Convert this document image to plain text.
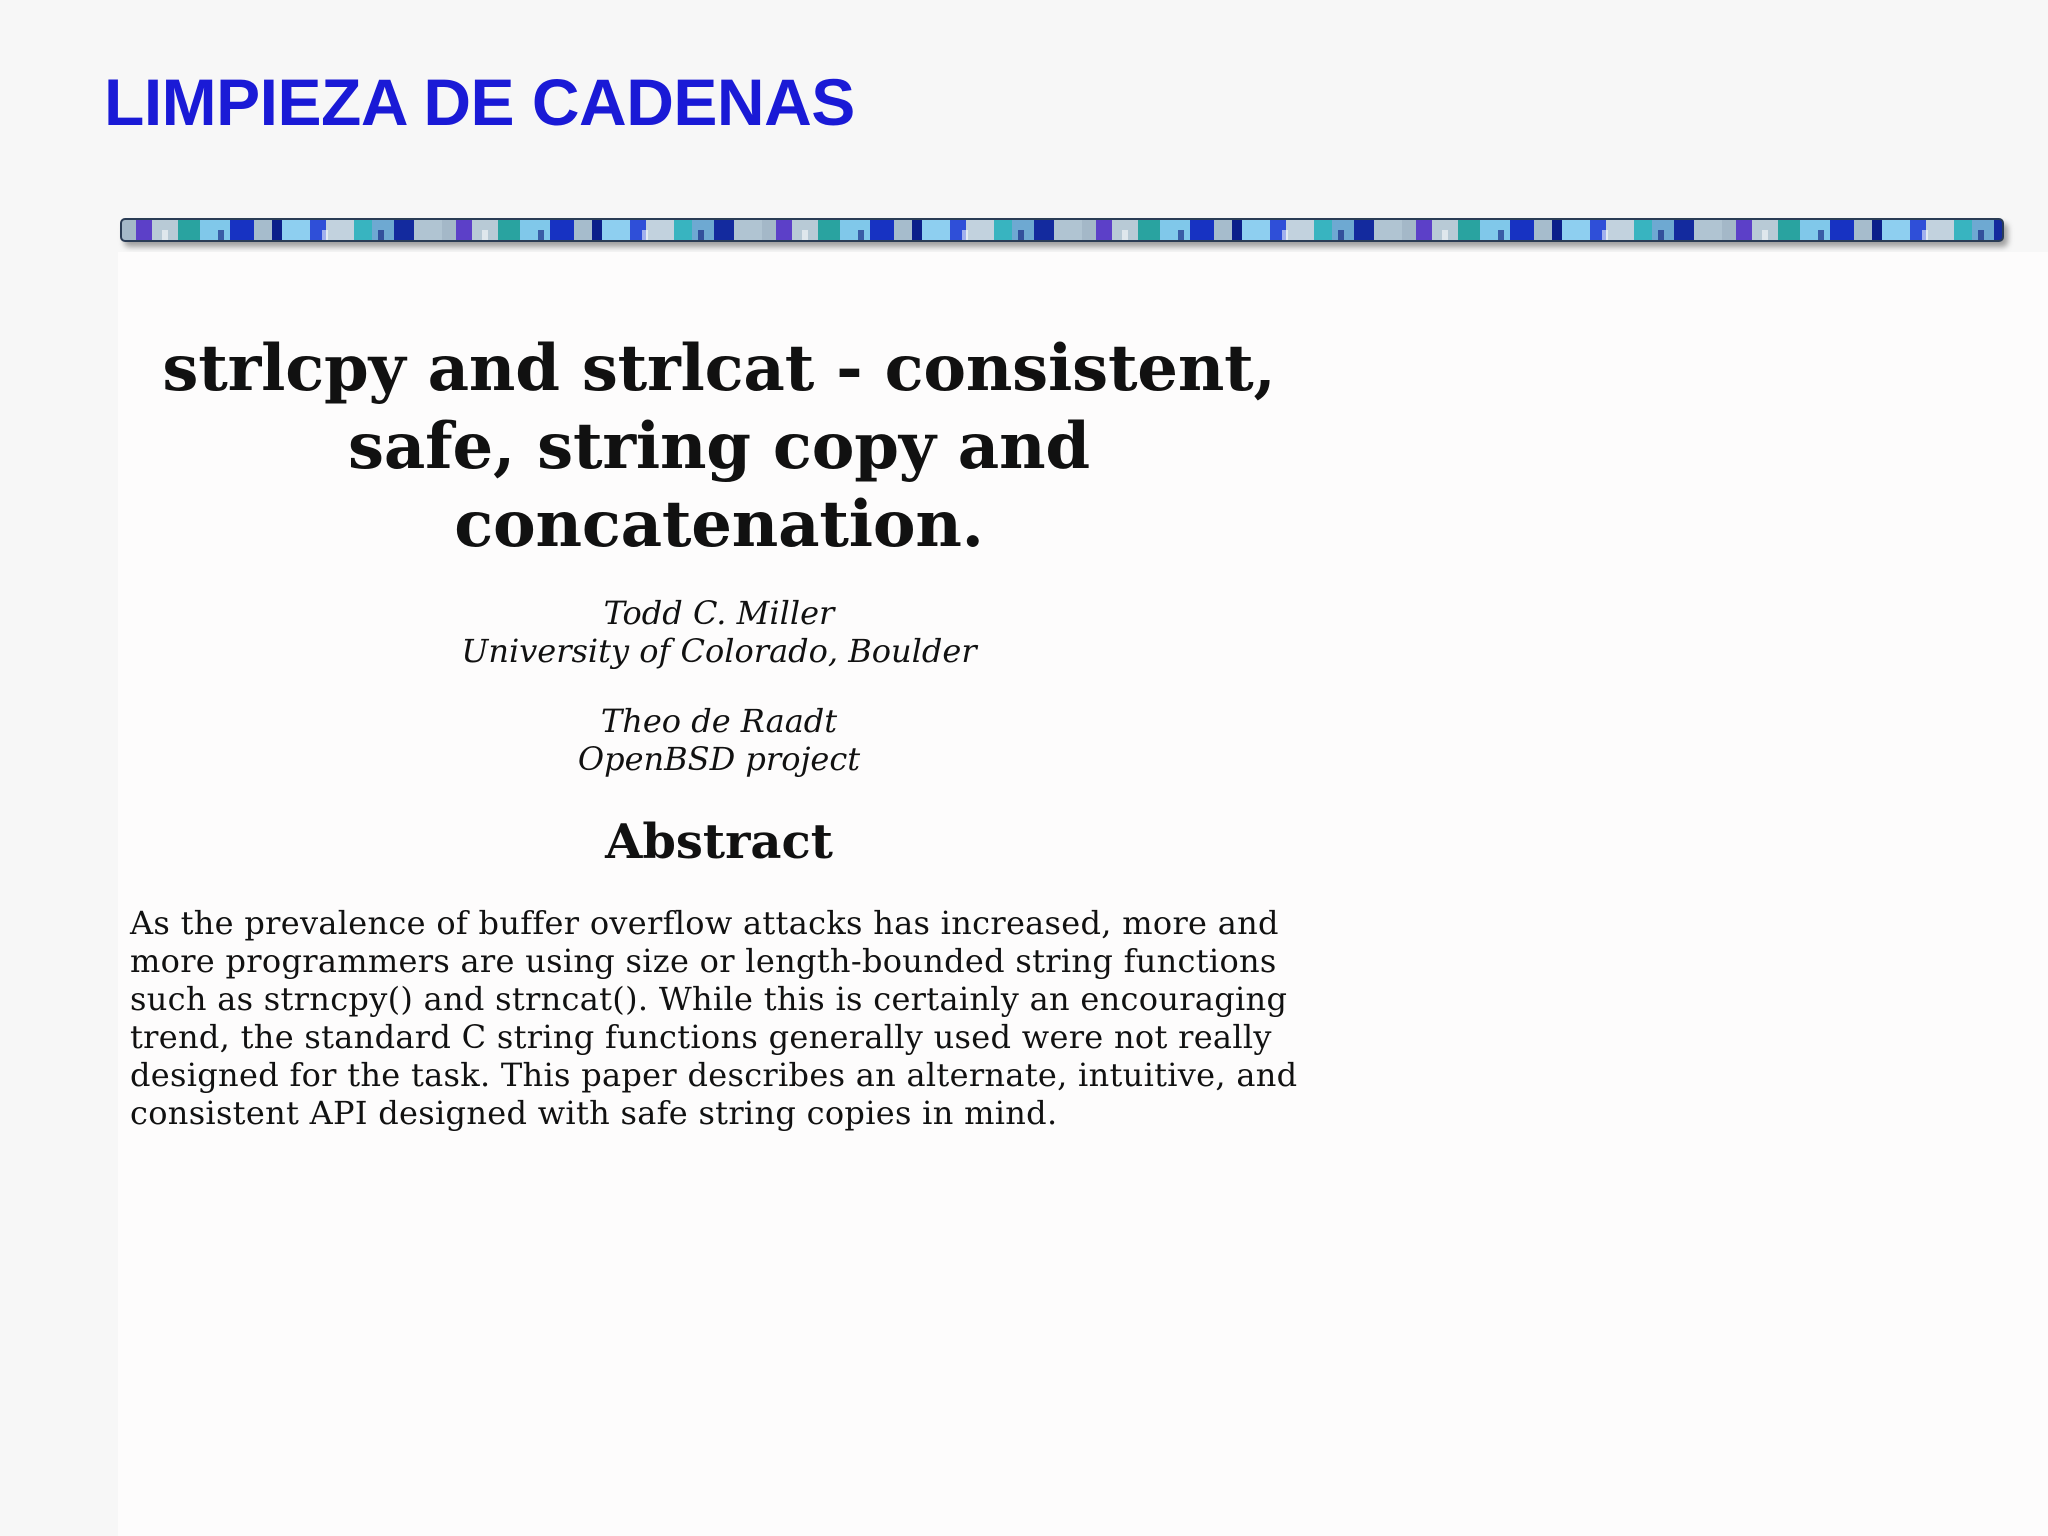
LIMPIEZA DE CADENAS
strlcpy and strlcat - consistent, safe, string copy and concatenation.
Todd C. Miller
University of Colorado, Boulder
Theo de Raadt
OpenBSD project
Abstract

As the prevalence of buffer overflow attacks has increased, more and more programmers are using size or length-bounded string functions such as strncpy() and strncat(). While this is certainly an encouraging trend, the standard C string functions generally used were not really designed for the task. This paper describes an alternate, intuitive, and consistent API designed with safe string copies in mind.
